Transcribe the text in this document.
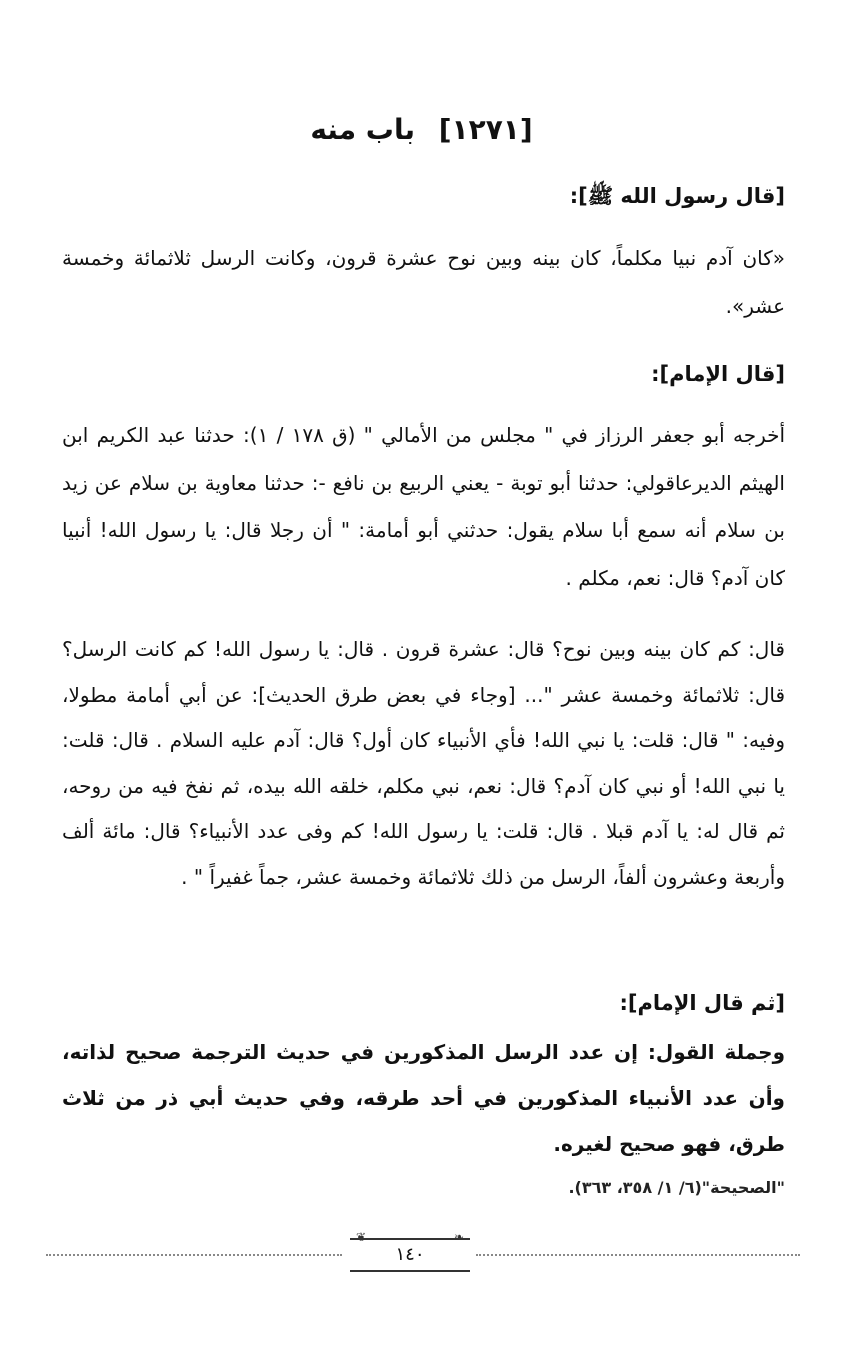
[١٢٧١] باب منه
[قال رسول الله ﷺ]:
«كان آدم نبيا مكلماً، كان بينه وبين نوح عشرة قرون، وكانت الرسل ثلاثمائة وخمسة عشر».
[قال الإمام]:
أخرجه أبو جعفر الرزاز في " مجلس من الأمالي " (ق ١٧٨ / ١): حدثنا عبد الكريم ابن الهيثم الديرعاقولي: حدثنا أبو توبة - يعني الربيع بن نافع -: حدثنا معاوية بن سلام عن زيد بن سلام أنه سمع أبا سلام يقول: حدثني أبو أمامة: " أن رجلا قال: يا رسول الله! أنبيا كان آدم؟ قال: نعم، مكلم .
قال: كم كان بينه وبين نوح؟ قال: عشرة قرون . قال: يا رسول الله! كم كانت الرسل؟ قال: ثلاثمائة وخمسة عشر "... [وجاء في بعض طرق الحديث]: عن أبي أمامة مطولا، وفيه: " قال: قلت: يا نبي الله! فأي الأنبياء كان أول؟ قال: آدم عليه السلام . قال: قلت: يا نبي الله! أو نبي كان آدم؟ قال: نعم، نبي مكلم، خلقه الله بيده، ثم نفخ فيه من روحه، ثم قال له: يا آدم قبلا . قال: قلت: يا رسول الله! كم وفى عدد الأنبياء؟ قال: مائة ألف وأربعة وعشرون ألفاً، الرسل من ذلك ثلاثمائة وخمسة عشر، جماً غفيراً " .
[ثم قال الإمام]:
وجملة القول: إن عدد الرسل المذكورين في حديث الترجمة صحيح لذاته، وأن عدد الأنبياء المذكورين في أحد طرقه، وفي حديث أبي ذر من ثلاث طرق، فهو صحيح لغيره.
"الصحيحة"(٦/ ١/ ٣٥٨، ٣٦٣).
❦
١٤٠
❧
